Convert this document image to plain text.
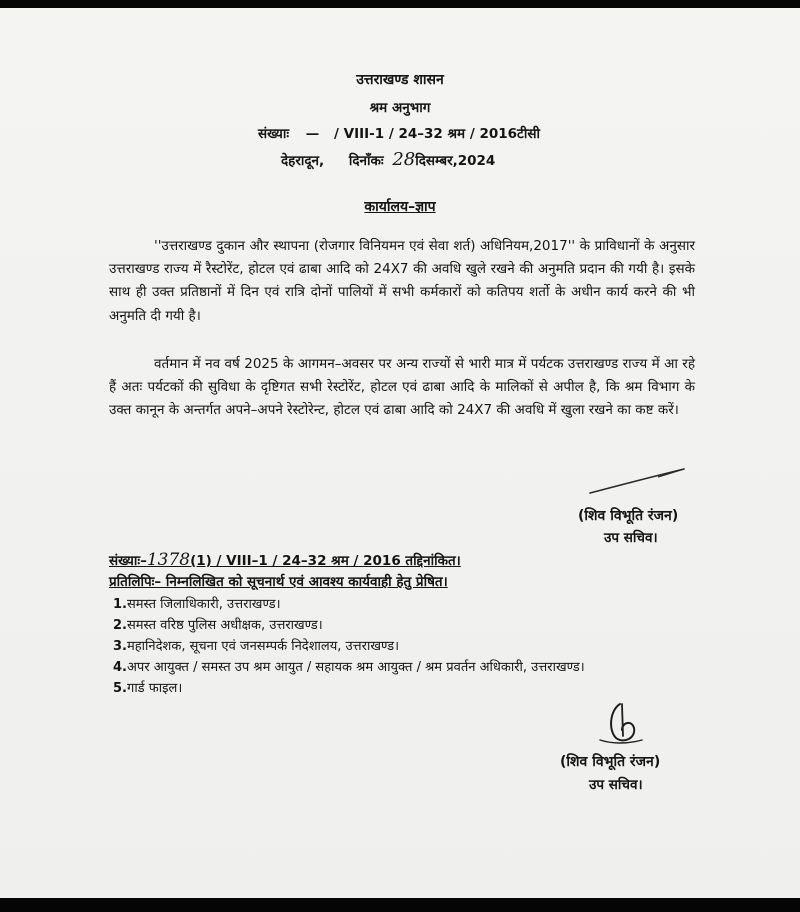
उत्तराखण्ड शासन
श्रम अनुभाग
संख्याः — / VIII-1 / 24–32 श्रम / 2016टीसी
देहरादून, दिनाँकः 28दिसम्बर,2024
कार्यालय–ज्ञाप
''उत्तराखण्ड दुकान और स्थापना (रोजगार विनियमन एवं सेवा शर्त) अधिनियम,2017'' के प्राविधानों के अनुसार उत्तराखण्ड राज्य में रैस्टोरेंट, होटल एवं ढाबा आदि को 24X7 की अवधि खुले रखने की अनुमति प्रदान की गयी है। इसके साथ ही उक्त प्रतिष्ठानों में दिन एवं रात्रि दोनों पालियों में सभी कर्मकारों को कतिपय शर्तो के अधीन कार्य करने की भी अनुमति दी गयी है।
वर्तमान में नव वर्ष 2025 के आगमन–अवसर पर अन्य राज्यों से भारी मात्र में पर्यटक उत्तराखण्ड राज्य में आ रहे हैं अतः पर्यटकों की सुविधा के दृष्टिगत सभी रेस्टोरेंट, होटल एवं ढाबा आदि के मालिकों से अपील है, कि श्रम विभाग के उक्त कानून के अन्तर्गत अपने–अपने रेस्टोरेन्ट, होटल एवं ढाबा आदि को 24X7 की अवधि में खुला रखने का कष्ट करें।
(शिव विभूति रंजन)
उप सचिव।
संख्याः–1378(1) / VIII–1 / 24–32 श्रम / 2016 तद्दिनांकित।
प्रतिलिपिः– निम्नलिखित को सूचनार्थ एवं आवश्य कार्यवाही हेतु प्रेषित।
1. समस्त जिलाधिकारी, उत्तराखण्ड।
2. समस्त वरिष्ठ पुलिस अधीक्षक, उत्तराखण्ड।
3. महानिदेशक, सूचना एवं जनसम्पर्क निदेशालय, उत्तराखण्ड।
4. अपर आयुक्त / समस्त उप श्रम आयुत / सहायक श्रम आयुक्त / श्रम प्रवर्तन अधिकारी, उत्तराखण्ड।
5. गार्ड फाइल।
(शिव विभूति रंजन)
उप सचिव।
